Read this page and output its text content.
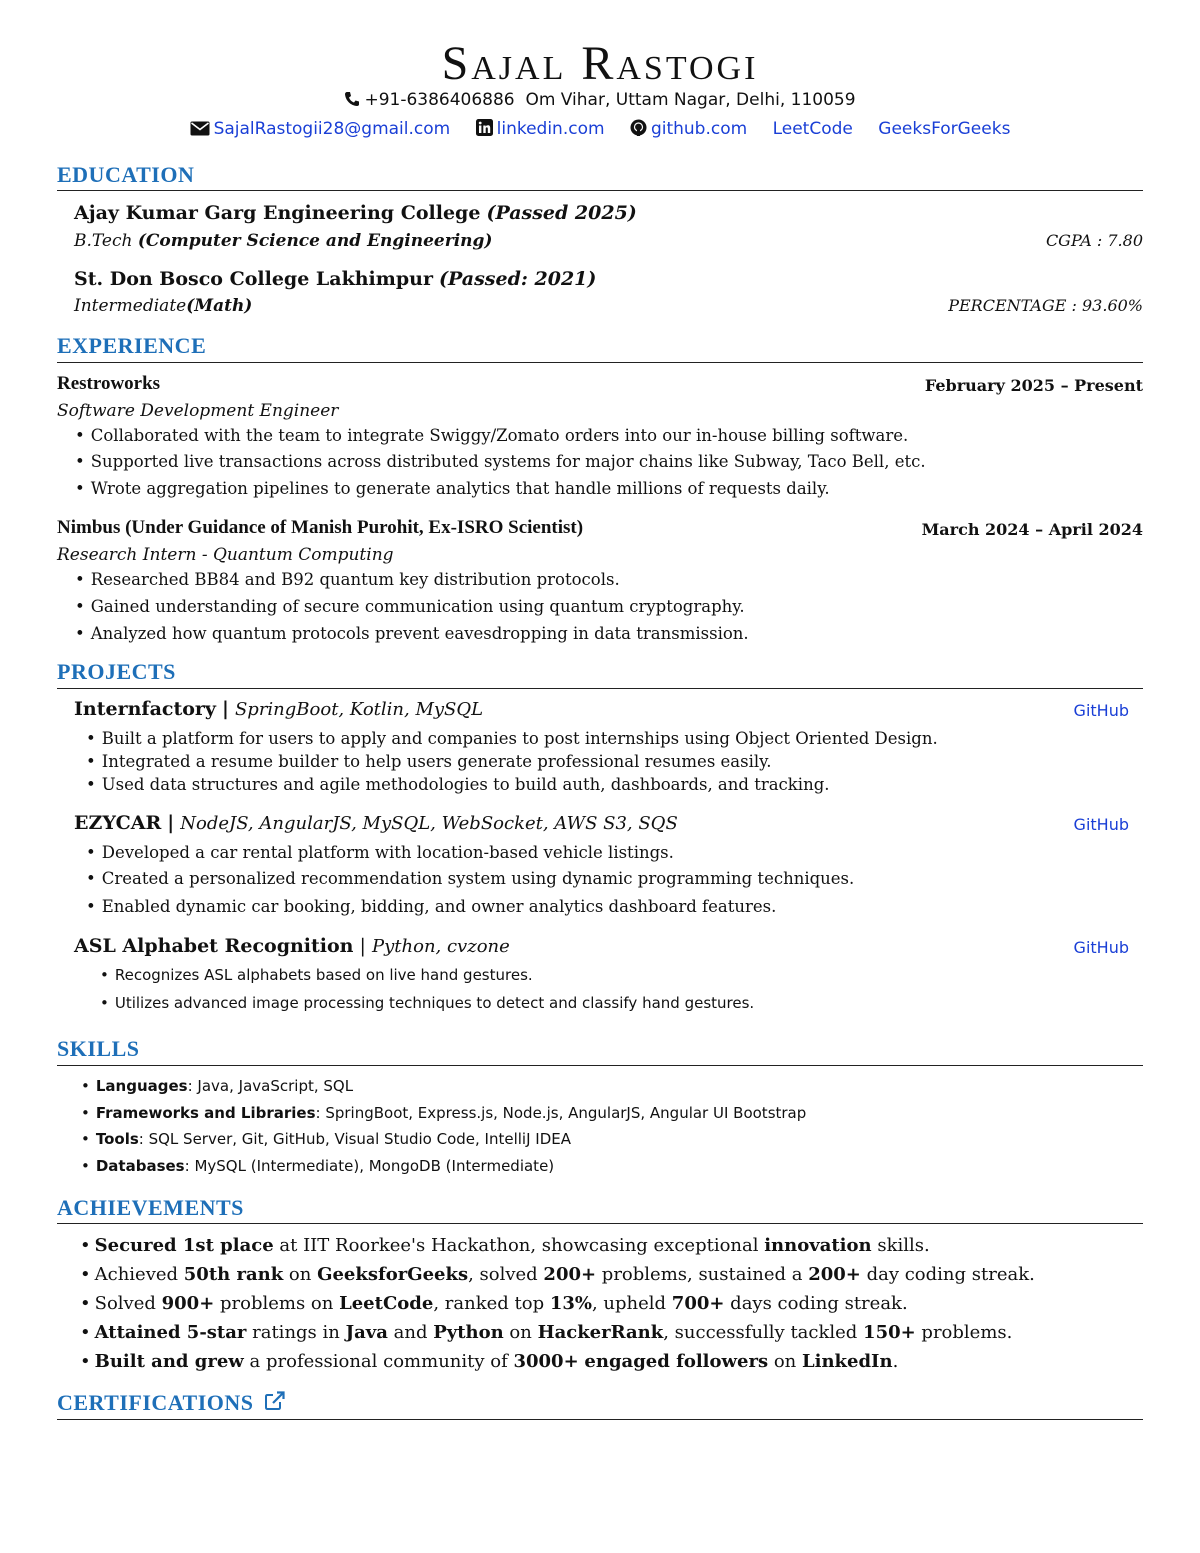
Sajal Rastogi
+91-6386406886 Om Vihar, Uttam Nagar, Delhi, 110059
SajalRastogii28@gmail.com	linkedin.com	github.com LeetCode GeeksForGeeks
EDUCATION
Ajay Kumar Garg Engineering College (Passed 2025)
B.Tech (Computer Science and Engineering)	CGPA : 7.80
St. Don Bosco College Lakhimpur (Passed: 2021)
Intermediate(Math)	PERCENTAGE : 93.60%
EXPERIENCE
Restroworks	February 2025 – Present
Software Development Engineer
• Collaborated with the team to integrate Swiggy/Zomato orders into our in-house billing software.
• Supported live transactions across distributed systems for major chains like Subway, Taco Bell, etc.
• Wrote aggregation pipelines to generate analytics that handle millions of requests daily.
Nimbus (Under Guidance of Manish Purohit, Ex-ISRO Scientist)	March 2024 – April 2024
Research Intern - Quantum Computing
• Researched BB84 and B92 quantum key distribution protocols.
• Gained understanding of secure communication using quantum cryptography.
• Analyzed how quantum protocols prevent eavesdropping in data transmission.
PROJECTS
Internfactory | SpringBoot, Kotlin, MySQL	GitHub
• Built a platform for users to apply and companies to post internships using Object Oriented Design.
• Integrated a resume builder to help users generate professional resumes easily.
• Used data structures and agile methodologies to build auth, dashboards, and tracking.
EZYCAR | NodeJS, AngularJS, MySQL, WebSocket, AWS S3, SQS	GitHub
• Developed a car rental platform with location-based vehicle listings.
• Created a personalized recommendation system using dynamic programming techniques.
• Enabled dynamic car booking, bidding, and owner analytics dashboard features.
ASL Alphabet Recognition | Python, cvzone	GitHub
• Recognizes ASL alphabets based on live hand gestures.
• Utilizes advanced image processing techniques to detect and classify hand gestures.
SKILLS
• Languages: Java, JavaScript, SQL
• Frameworks and Libraries: SpringBoot, Express.js, Node.js, AngularJS, Angular UI Bootstrap
• Tools: SQL Server, Git, GitHub, Visual Studio Code, IntelliJ IDEA
• Databases: MySQL (Intermediate), MongoDB (Intermediate)
ACHIEVEMENTS
• Secured 1st place at IIT Roorkee's Hackathon, showcasing exceptional innovation skills.
• Achieved 50th rank on GeeksforGeeks, solved 200+ problems, sustained a 200+ day coding streak.
• Solved 900+ problems on LeetCode, ranked top 13%, upheld 700+ days coding streak.
• Attained 5-star ratings in Java and Python on HackerRank, successfully tackled 150+ problems.
• Built and grew a professional community of 3000+ engaged followers on LinkedIn.
CERTIFICATIONS
